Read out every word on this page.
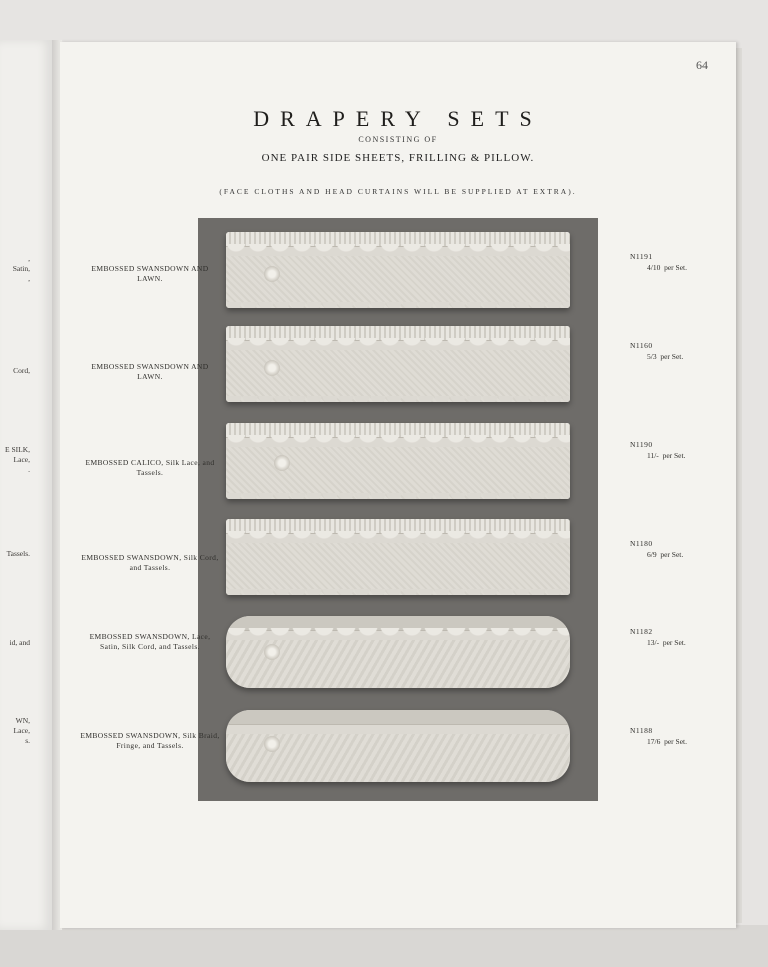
,
Satin,
,
Cord,
E SILK,
Lace,
.
Tassels.
id, and
WN,
Lace,
s.
64
DRAPERY SETS
CONSISTING OF
ONE PAIR SIDE SHEETS, FRILLING & PILLOW.
(FACE CLOTHS AND HEAD CURTAINS WILL BE SUPPLIED AT EXTRA).
EMBOSSED SWANSDOWN AND LAWN.
EMBOSSED SWANSDOWN AND LAWN.
EMBOSSED CALICO, Silk Lace, and Tassels.
EMBOSSED SWANSDOWN, Silk Cord, and Tassels.
EMBOSSED SWANSDOWN, Lace, Satin, Silk Cord, and Tassels.
EMBOSSED SWANSDOWN, Silk Braid, Fringe, and Tassels.
N1191
4/10 per Set.
N1160
5/3 per Set.
N1190
11/- per Set.
N1180
6/9 per Set.
N1182
13/- per Set.
N1188
17/6 per Set.
